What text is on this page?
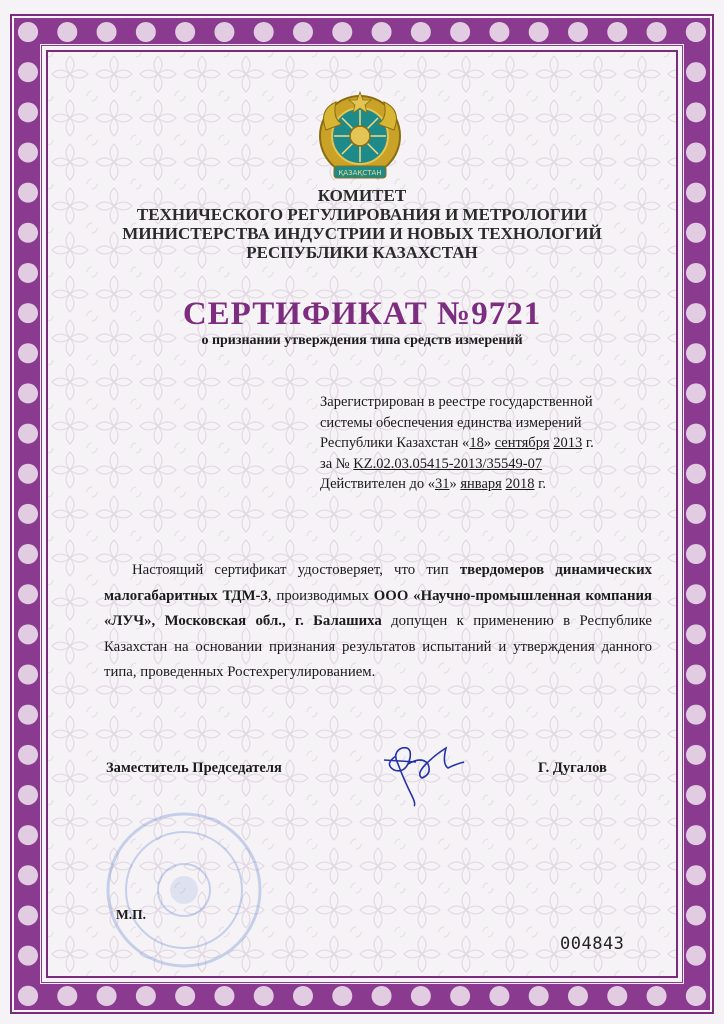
ҚАЗАҚСТАН
КОМИТЕТ
ТЕХНИЧЕСКОГО РЕГУЛИРОВАНИЯ И МЕТРОЛОГИИ
МИНИСТЕРСТВА ИНДУСТРИИ И НОВЫХ ТЕХНОЛОГИЙ
РЕСПУБЛИКИ КАЗАХСТАН
СЕРТИФИКАТ №9721
о признании утверждения типа средств измерений
Зарегистрирован в реестре государственной
системы обеспечения единства измерений
Республики Казахстан «18» сентября 2013 г.
за № KZ.02.03.05415-2013/35549-07
Действителен до «31» января 2018 г.

Настоящий сертификат удостоверяет, что тип твердомеров динамических малогабаритных ТДМ-3, производимых ООО «Научно-промышленная компания «ЛУЧ», Московская обл., г. Балашиха допущен к применению в Республике Казахстан на основании признания результатов испытаний и утверждения данного типа, проведенных Ростехрегулированием.

Заместитель Председателя	Г. Дугалов
М.П.
004843
